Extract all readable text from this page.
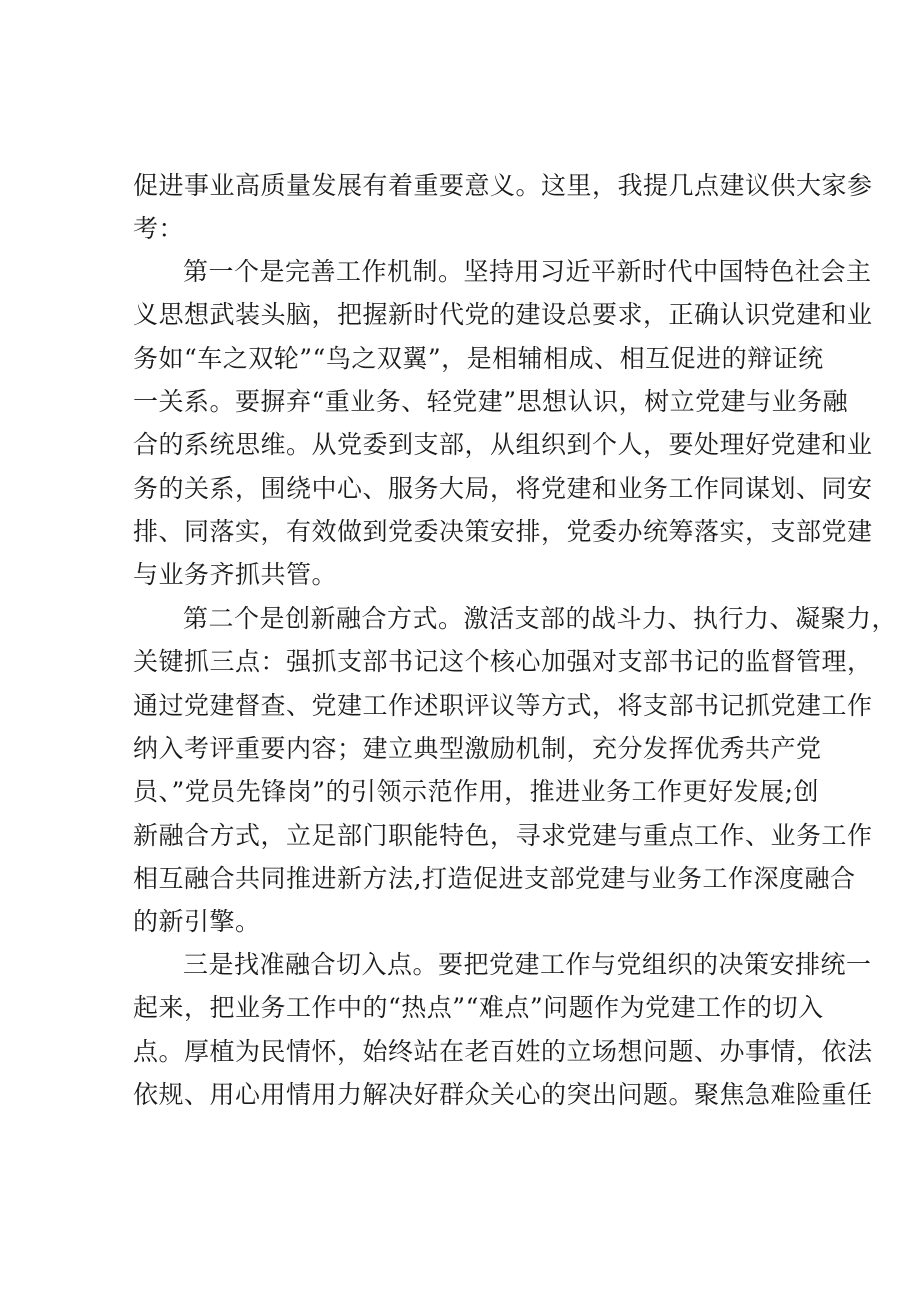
促进事业高质量发展有着重要意义。这里，我提几点建议供大家参
考：
第一个是完善工作机制。坚持用习近平新时代中国特色社会主
义思想武装头脑，把握新时代党的建设总要求，正确认识党建和业
务如“车之双轮”“鸟之双翼”，是相辅相成、相互促进的辩证统
一关系。要摒弃“重业务、轻党建”思想认识，树立党建与业务融
合的系统思维。从党委到支部，从组织到个人，要处理好党建和业
务的关系，围绕中心、服务大局，将党建和业务工作同谋划、同安
排、同落实，有效做到党委决策安排，党委办统筹落实，支部党建
与业务齐抓共管。
第二个是创新融合方式。激活支部的战斗力、执行力、凝聚力，
关键抓三点：强抓支部书记这个核心加强对支部书记的监督管理，
通过党建督查、党建工作述职评议等方式，将支部书记抓党建工作
纳入考评重要内容；建立典型激励机制，充分发挥优秀共产党
员、”党员先锋岗”的引领示范作用，推进业务工作更好发展;创
新融合方式，立足部门职能特色，寻求党建与重点工作、业务工作
相互融合共同推进新方法,打造促进支部党建与业务工作深度融合
的新引擎。
三是找准融合切入点。要把党建工作与党组织的决策安排统一
起来，把业务工作中的“热点”“难点”问题作为党建工作的切入
点。厚植为民情怀，始终站在老百姓的立场想问题、办事情，依法
依规、用心用情用力解决好群众关心的突出问题。聚焦急难险重任
